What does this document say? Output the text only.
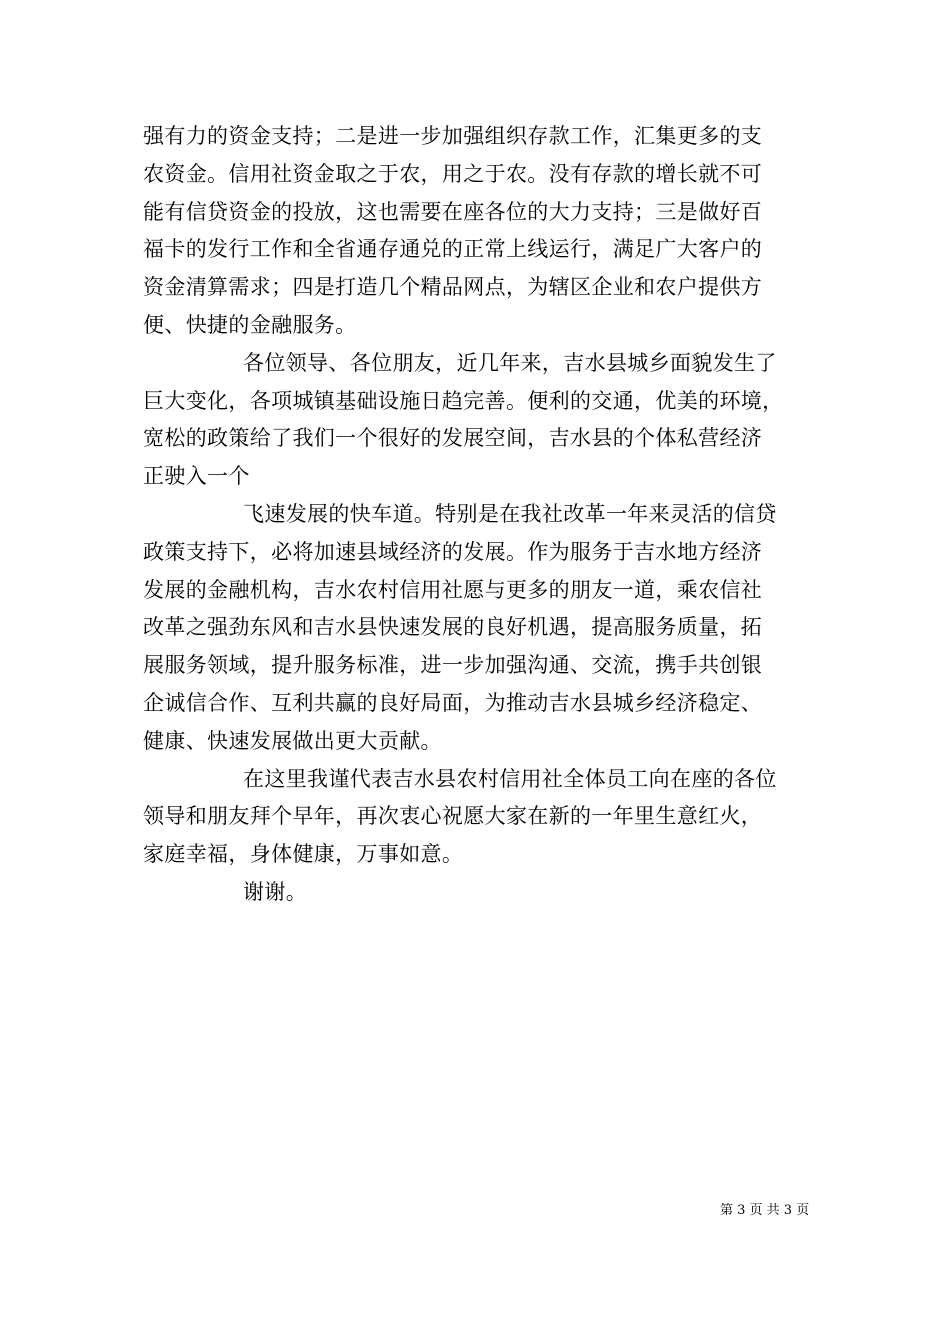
强有力的资金支持；二是进一步加强组织存款工作，汇集更多的支
农资金。信用社资金取之于农，用之于农。没有存款的增长就不可
能有信贷资金的投放，这也需要在座各位的大力支持；三是做好百
福卡的发行工作和全省通存通兑的正常上线运行，满足广大客户的
资金清算需求；四是打造几个精品网点，为辖区企业和农户提供方
便、快捷的金融服务。
各位领导、各位朋友，近几年来，吉水县城乡面貌发生了
巨大变化，各项城镇基础设施日趋完善。便利的交通，优美的环境，
宽松的政策给了我们一个很好的发展空间，吉水县的个体私营经济
正驶入一个
飞速发展的快车道。特别是在我社改革一年来灵活的信贷
政策支持下，必将加速县域经济的发展。作为服务于吉水地方经济
发展的金融机构，吉水农村信用社愿与更多的朋友一道，乘农信社
改革之强劲东风和吉水县快速发展的良好机遇，提高服务质量，拓
展服务领域，提升服务标准，进一步加强沟通、交流，携手共创银
企诚信合作、互利共赢的良好局面，为推动吉水县城乡经济稳定、
健康、快速发展做出更大贡献。
在这里我谨代表吉水县农村信用社全体员工向在座的各位
领导和朋友拜个早年，再次衷心祝愿大家在新的一年里生意红火，
家庭幸福，身体健康，万事如意。
谢谢。
第 3 页 共 3 页
